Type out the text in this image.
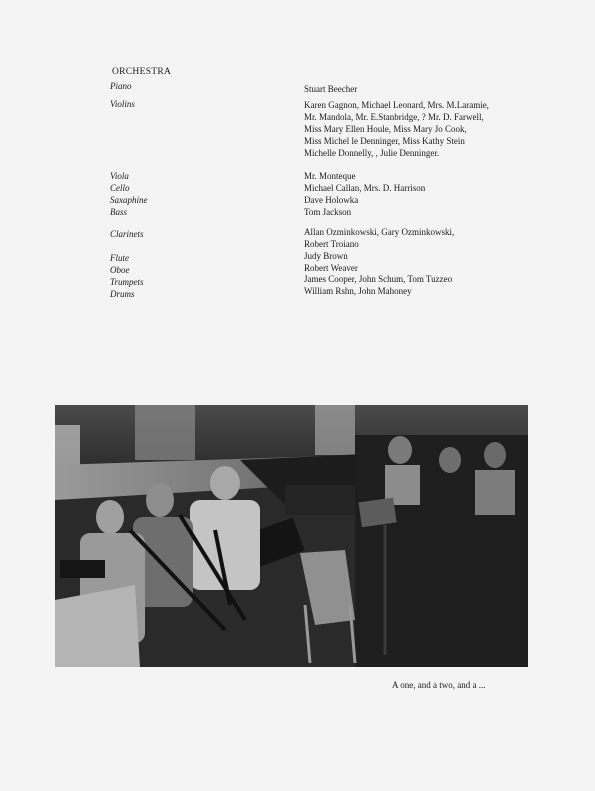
ORCHESTRA
Piano	Stuart Beecher
Violins	Karen Gagnon, Michael Leonard, Mrs. M.Laramie,
Mr. Mandola, Mr. E.Stanbridge, ? Mr. D. Farwell,
Miss Mary Ellen Houle, Miss Mary Jo Cook,
Miss Michel le Denninger, Miss Kathy Stein
Michelle Donnelly, , Julie Denninger.
Viola	Mr. Monteque
Cello	Michael Callan, Mrs. D. Harrison
Saxaphine	Dave Holowka
Bass	Tom Jackson
Clarinets	Allan Ozminkowski, Gary Ozminkowski,
Robert Troiano
Flute	Judy Brown
Oboe	Robert Weaver
Trumpets	James Cooper, John Schum, Tom Tuzzeo
Drums	William Rshn, John Mahoney
A one, and a two, and a ...
